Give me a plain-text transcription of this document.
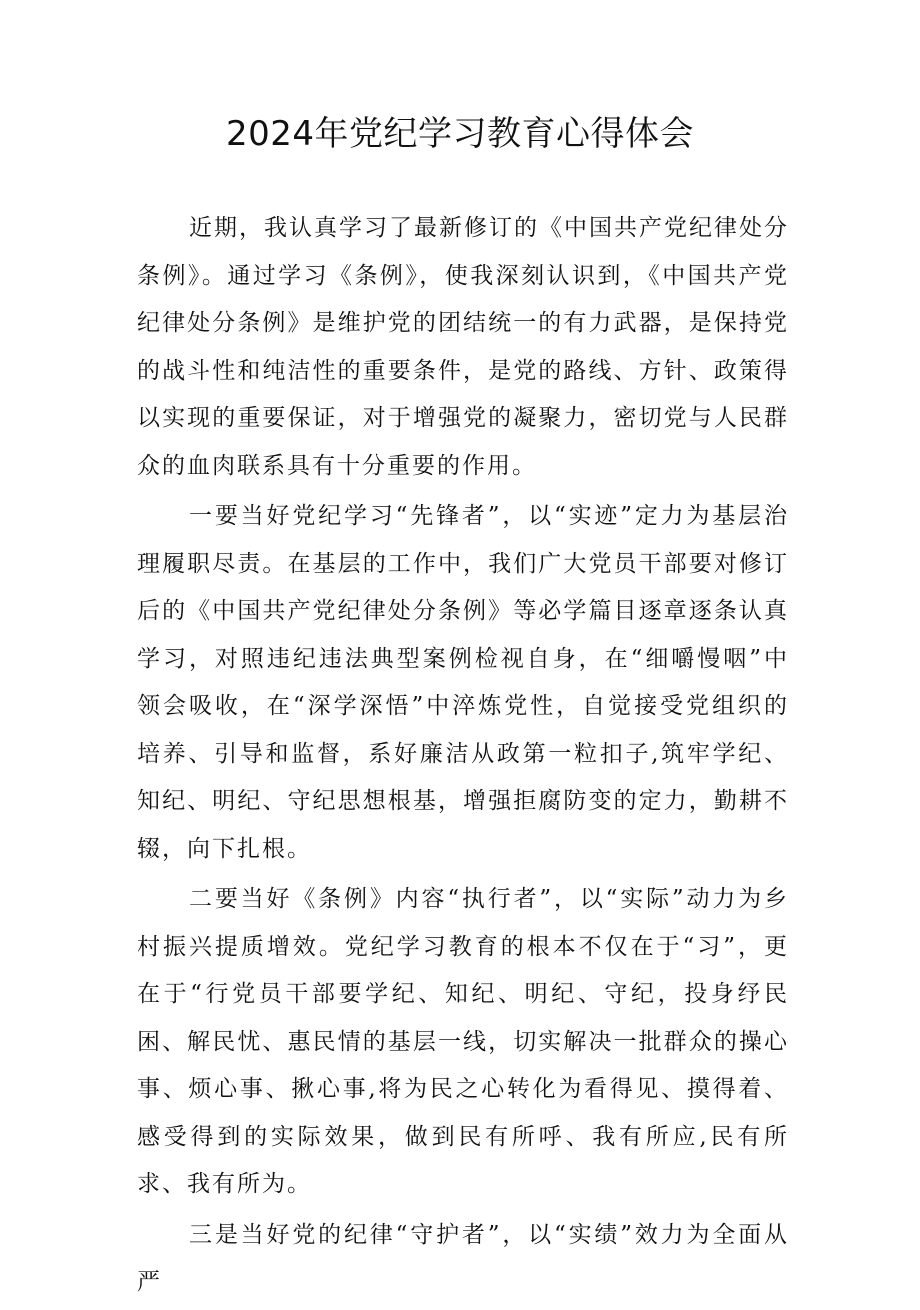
2024年党纪学习教育心得体会

近期，我认真学习了最新修订的《中国共产党纪律处分条例》。通过学习《条例》，使我深刻认识到，《中国共产党纪律处分条例》是维护党的团结统一的有力武器，是保持党的战斗性和纯洁性的重要条件，是党的路线、方针、政策得以实现的重要保证，对于增强党的凝聚力，密切党与人民群众的血肉联系具有十分重要的作用。

一要当好党纪学习“先锋者”，以“实迹”定力为基层治理履职尽责。在基层的工作中，我们广大党员干部要对修订后的《中国共产党纪律处分条例》等必学篇目逐章逐条认真学习，对照违纪违法典型案例检视自身，在“细嚼慢咽”中领会吸收，在“深学深悟”中淬炼党性，自觉接受党组织的培养、引导和监督，系好廉洁从政第一粒扣子,筑牢学纪、知纪、明纪、守纪思想根基，增强拒腐防变的定力，勤耕不辍，向下扎根。

二要当好《条例》内容“执行者”，以“实际”动力为乡村振兴提质增效。党纪学习教育的根本不仅在于“习”，更在于“行党员干部要学纪、知纪、明纪、守纪，投身纾民困、解民忧、惠民情的基层一线，切实解决一批群众的操心事、烦心事、揪心事,将为民之心转化为看得见、摸得着、感受得到的实际效果，做到民有所呼、我有所应,民有所求、我有所为。

三是当好党的纪律“守护者”，以“实绩”效力为全面从严
